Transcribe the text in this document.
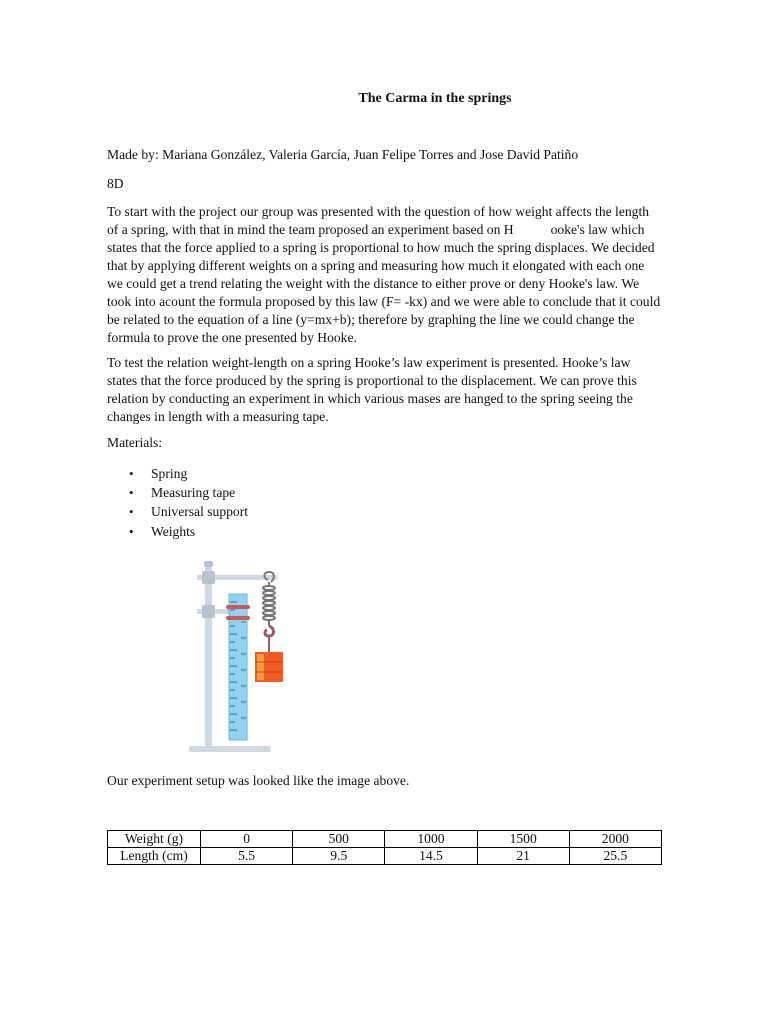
The Carma in the springs
Made by: Mariana González, Valeria García, Juan Felipe Torres and Jose David Patiño
8D

To start with the project our group was presented with the question of how weight affects the length of a spring, with that in mind the team proposed an experiment based on H	ooke's law which states that the force applied to a spring is proportional to how much the spring displaces. We decided that by applying different weights on a spring and measuring how much it elongated with each one we could get a trend relating the weight with the distance to either prove or deny Hooke's law. We took into acount the formula proposed by this law (F= -kx) and we were able to conclude that it could be related to the equation of a line (y=mx+b); therefore by graphing the line we could change the formula to prove the one presented by Hooke.

To test the relation weight-length on a spring Hooke’s law experiment is presented. Hooke’s law states that the force produced by the spring is proportional to the displacement. We can prove this relation by conducting an experiment in which various mases are hanged to the spring seeing the changes in length with a measuring tape.
Materials:
• Spring
• Measuring tape
• Universal support
• Weights
Our experiment setup was looked like the image above.
Weight (g)	0	500	1000	1500	2000
Length (cm)	5.5	9.5	14.5	21	25.5
